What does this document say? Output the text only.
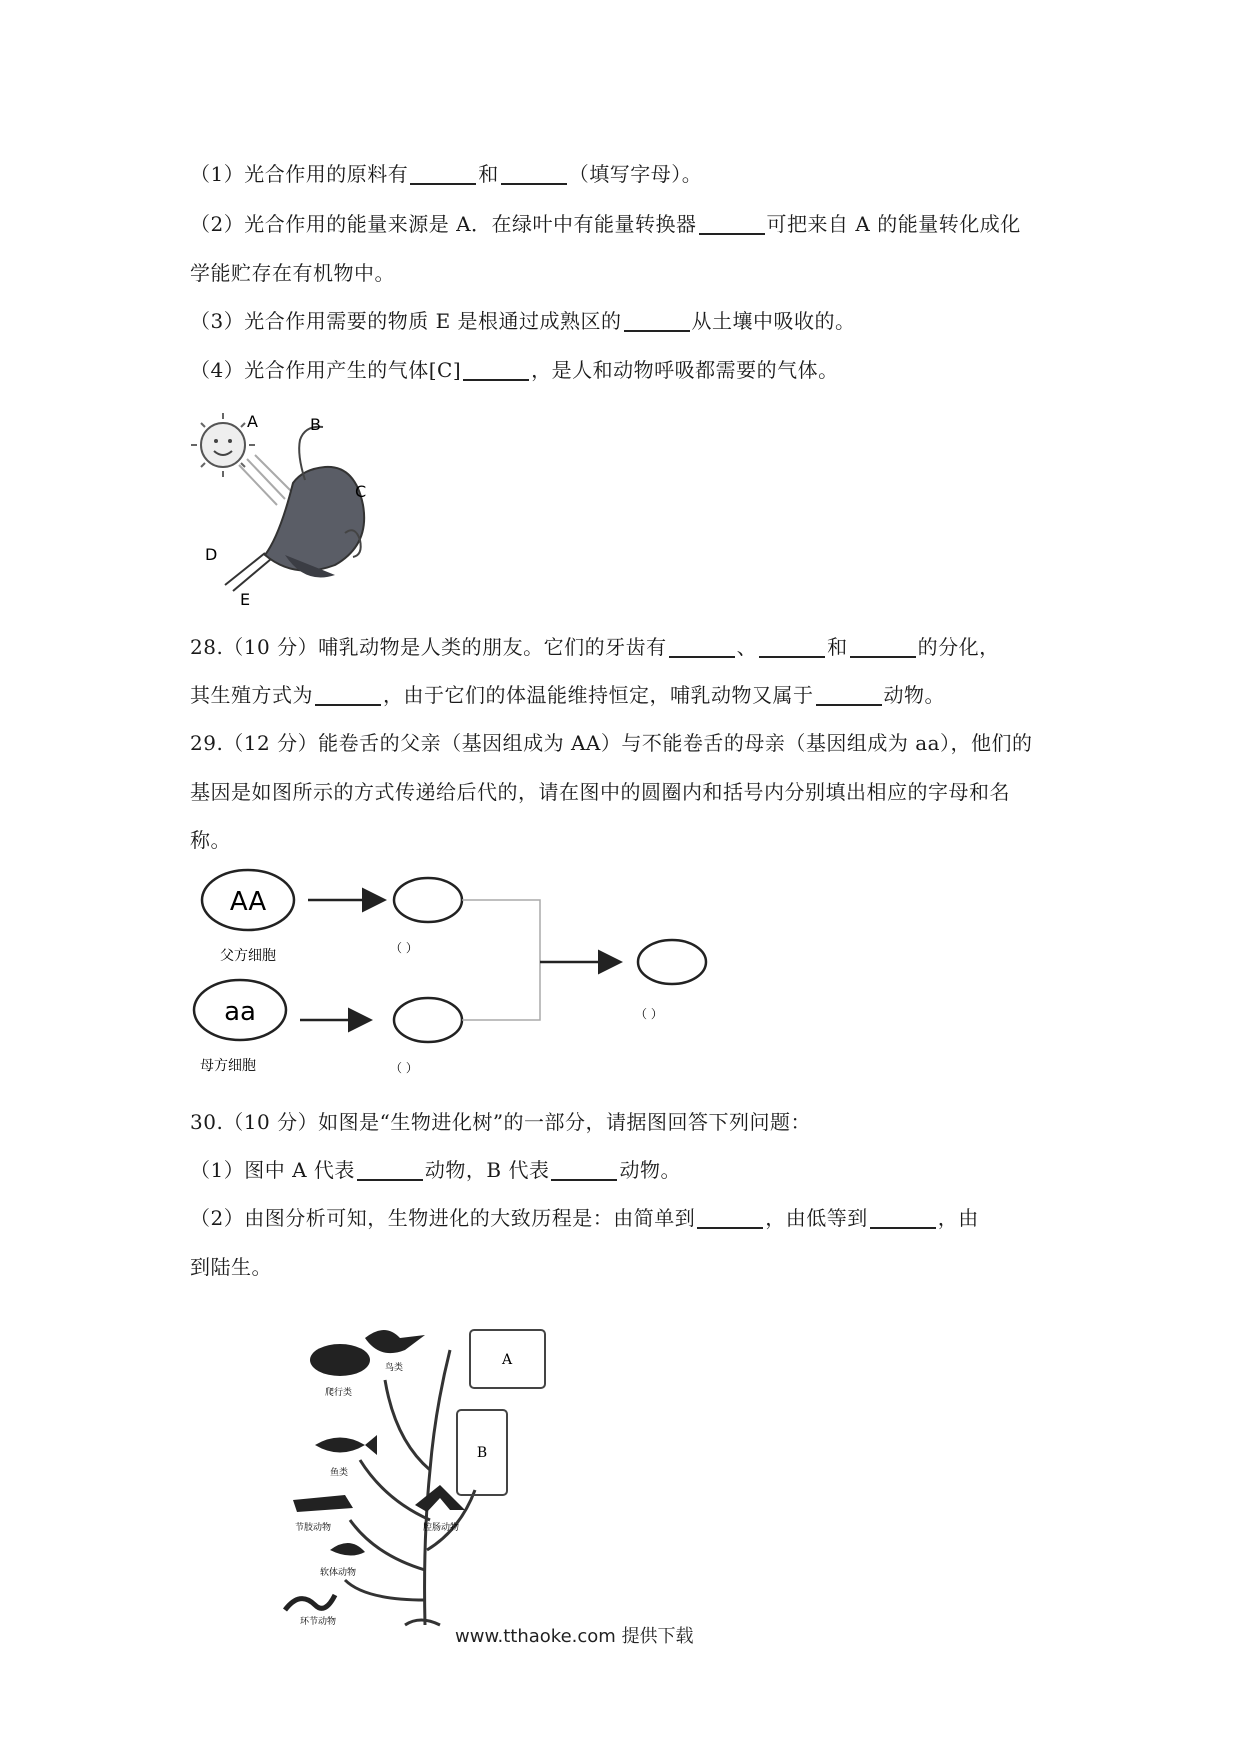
（1）光合作用的原料有	和	（填写字母）。
（2）光合作用的能量来源是 A．在绿叶中有能量转换器	可把来自 A 的能量转化成化
学能贮存在有机物中。
（3）光合作用需要的物质 E 是根通过成熟区的	从土壤中吸收的。
（4）光合作用产生的气体[C]	，是人和动物呼吸都需要的气体。
A	B
C
D
E
28.（10 分）哺乳动物是人类的朋友。它们的牙齿有	、	和	的分化，
其生殖方式为	，由于它们的体温能维持恒定，哺乳动物又属于	动物。
29.（12 分）能卷舌的父亲（基因组成为 AA）与不能卷舌的母亲（基因组成为 aa），他们的
基因是如图所示的方式传递给后代的，请在图中的圆圈内和括号内分别填出相应的字母和名
称。
AA
父方细胞	（ ）
aa
母方细胞	（ ）
（ ）
30.（10 分）如图是“生物进化树”的一部分，请据图回答下列问题：
（1）图中 A 代表	动物，B 代表	动物。
（2）由图分析可知，生物进化的大致历程是：由简单到	，由低等到	，由
到陆生。
A
B
爬行类
鸟类
鱼类
节肢动物
软体动物
腔肠动物
环节动物
www.tthaoke.com 提供下载
